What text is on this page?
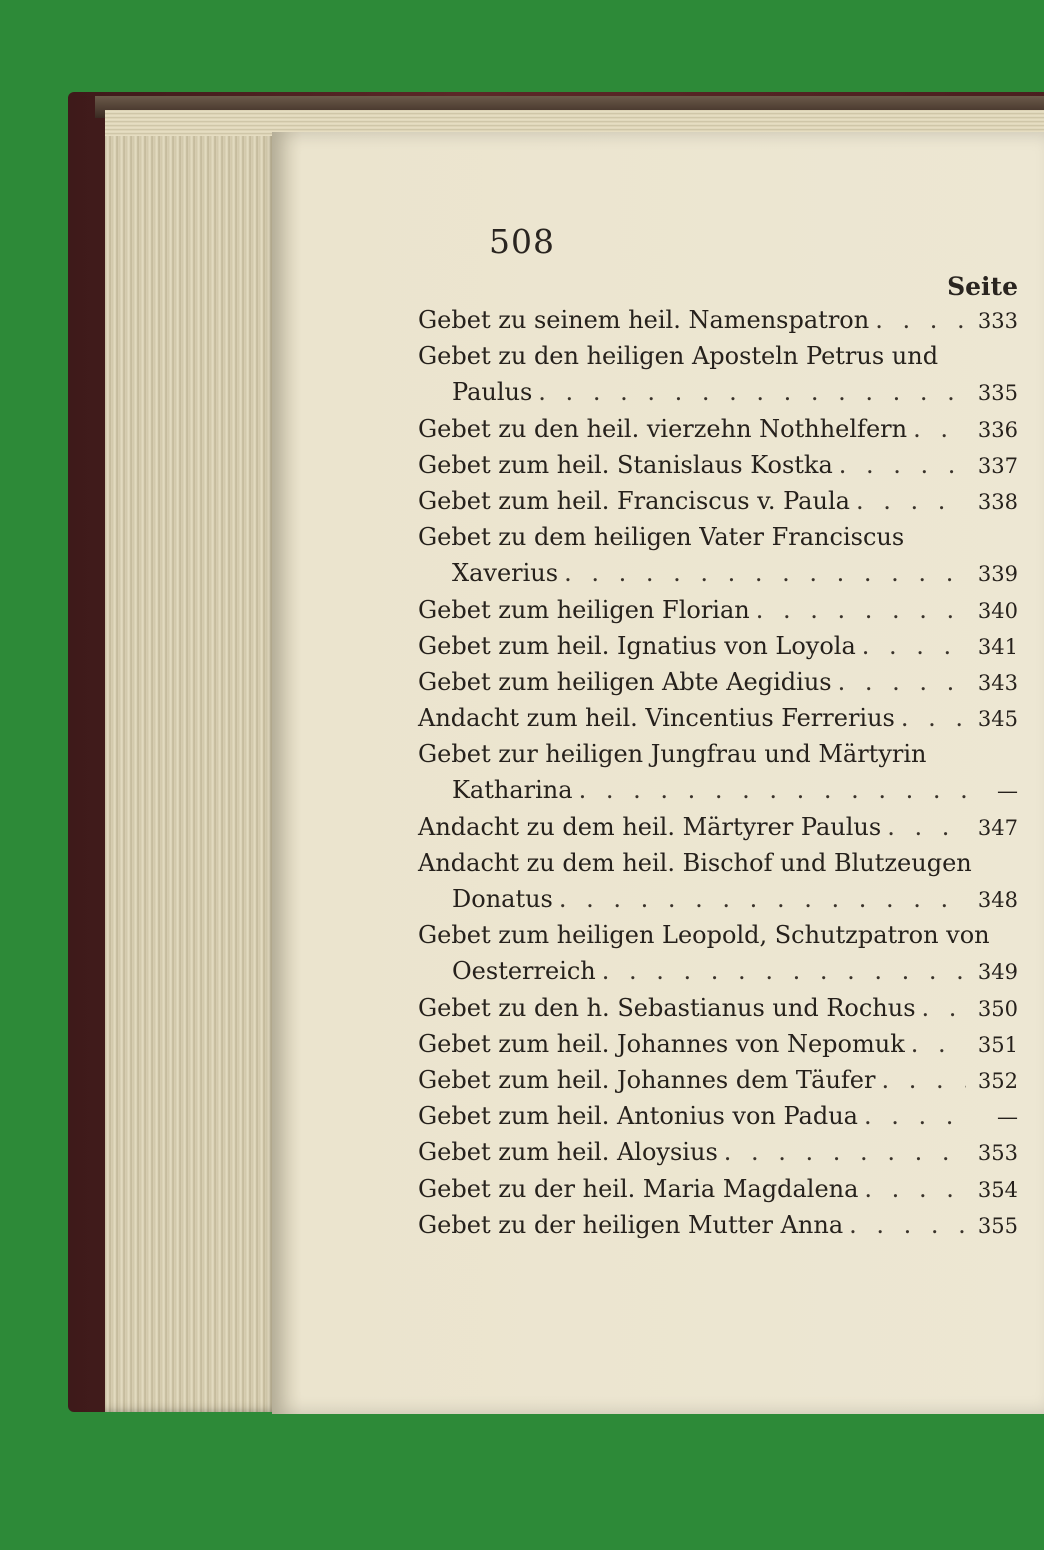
508
Seite
Gebet zu seinem heil. Namenspatron . . .	333
Gebet zu den heiligen Aposteln Petrus und
Paulus . . .	335
Gebet zu den heil. vierzehn Nothhelfern . . .	336
Gebet zum heil. Stanislaus Kostka . . .	337
Gebet zum heil. Franciscus v. Paula . . .	338
Gebet zu dem heiligen Vater Franciscus
Xaverius . . .	339
Gebet zum heiligen Florian . . .	340
Gebet zum heil. Ignatius von Loyola . . .	341
Gebet zum heiligen Abte Aegidius . . .	343
Andacht zum heil. Vincentius Ferrerius . . .	345
Gebet zur heiligen Jungfrau und Märtyrin
Katharina . . .	—
Andacht zu dem heil. Märtyrer Paulus . . .	347
Andacht zu dem heil. Bischof und Blutzeugen
Donatus . . .	348
Gebet zum heiligen Leopold, Schutzpatron von
Oesterreich . . .	349
Gebet zu den h. Sebastianus und Rochus . . .	350
Gebet zum heil. Johannes von Nepomuk . . .	351
Gebet zum heil. Johannes dem Täufer . . .	352
Gebet zum heil. Antonius von Padua . . .	—
Gebet zum heil. Aloysius . . .	353
Gebet zu der heil. Maria Magdalena . . .	354
Gebet zu der heiligen Mutter Anna . . .	355
